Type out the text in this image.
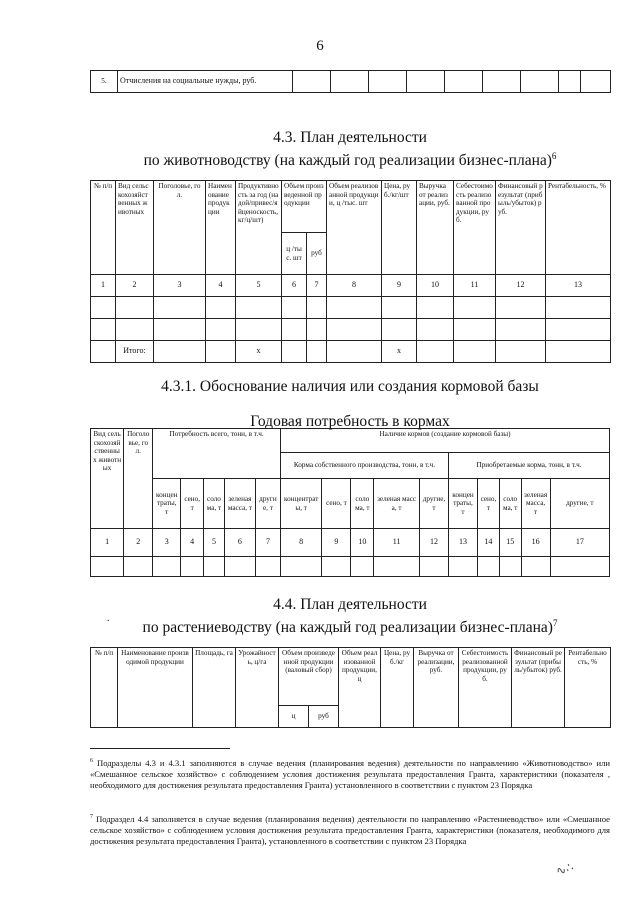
6
5.	Отчисления на социальные нужды, руб.									
4.3. План деятельности
по животноводству (на каждый год реализации бизнес-плана)$^6$
№ п/п	Вид сельскохозяйственных животных	Поголовье, гол.	Наименование продукции	Продуктивность за год (надой/привес/яйценоскость, кг/ц/шт)	Объем произведенной продукции		Объем реализованной продукции, ц /тыс. шт	Цена, руб./кг/шт	Выручка от реализации, руб.	Себестоимость реализованной продукции, руб.	Финансовый результат (прибыль/убыток) руб.	Рентабельность, %
					ц /тыс. шт	руб						
1	2	3	4	5	6	7	8	9	10	11	12	13

	Итого:			х				х				
4.3.1. Обоснование наличия или создания кормовой базы
Годовая потребность в кормах
Вид сельскохозяйственных животных	Поголовье, гол.	Потребность всего, тонн, в т.ч.					Наличие кормов (создание кормовой базы)									
							Корма собственного производства, тонн, в т.ч.					Приобретаемые корма, тонн, в т.ч.				
		концентраты, т	сено, т	солома, т	зеленая масса, т	другие, т	концентраты, т	сено, т	солома, т	зеленая масса, т	другие, т	концентраты, т	сено, т	солома, т	зеленая масса, т	другие, т
1	2	3	4	5	6	7	8	9	10	11	12	13	14	15	16	17

.
4.4. План деятельности
по растениеводству (на каждый год реализации бизнес-плана)$^7$
№ п/п	Наименование производимой продукции	Площадь, га	Урожайность, ц/га	Объем произведенной продукции (валовый сбор)		Объем реализованной продукции, ц	Цена, руб./кг	Выручка от реализации, руб.	Себестоимость реализованной продукции, руб.	Финансовый результат (прибыль/убыток) руб.	Рентабельность, %
				ц	руб						
$^6$ Подразделы 4.3 и 4.3.1 заполняются в случае ведения (планирования ведения) деятельности по направлению «Животноводство» или «Смешанное сельское хозяйство» с соблюдением условия достижения результата предоставления Гранта, характеристики (показателя , необходимого для достижения результата предоставления Гранта) установленного в соответствии с пунктом 23 Порядка
$^7$ Подраздел 4.4 заполняется в случае ведения (планирования ведения) деятельности по направлению «Растениеводство» или «Смешанное сельское хозяйство» с соблюдением условия достижения результата предоставления Гранта, характеристики (показателя, необходимого для достижения результата предоставления Гранта), установленного в соответствии с пунктом 23 Порядка
∿∴
